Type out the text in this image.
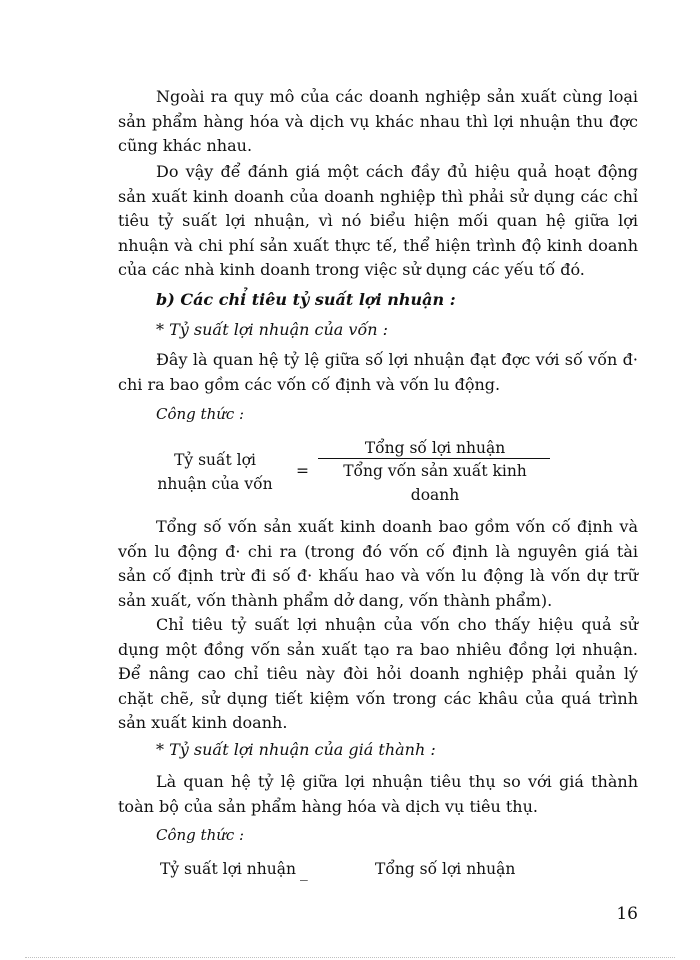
Ngoài ra quy mô của các doanh nghiệp sản xuất cùng loại sản phẩm hàng hóa và dịch vụ khác nhau thì lợi nhuận thu đợc cũng khác nhau.

Do vậy để đánh giá một cách đầy đủ hiệu quả hoạt động sản xuất kinh doanh của doanh nghiệp thì phải sử dụng các chỉ tiêu tỷ suất lợi nhuận, vì nó biểu hiện mối quan hệ giữa lợi nhuận và chi phí sản xuất thực tế, thể hiện trình độ kinh doanh của các nhà kinh doanh trong việc sử dụng các yếu tố đó.

b) Các chỉ tiêu tỷ suất lợi nhuận :

* Tỷ suất lợi nhuận của vốn :

Đây là quan hệ tỷ lệ giữa số lợi nhuận đạt đợc với số vốn đ· chi ra bao gồm các vốn cố định và vốn lu động.

Công thức :

Tỷ suất lợi
nhuận của vốn
=
Tổng số lợi nhuận
Tổng vốn sản xuất kinh
doanh

Tổng số vốn sản xuất kinh doanh bao gồm vốn cố định và vốn lu động đ· chi ra (trong đó vốn cố định là nguyên giá tài sản cố định trừ đi số đ· khấu hao và vốn lu động là vốn dự trữ sản xuất, vốn thành phẩm dở dang, vốn thành phẩm).

Chỉ tiêu tỷ suất lợi nhuận của vốn cho thấy hiệu quả sử dụng một đồng vốn sản xuất tạo ra bao nhiêu đồng lợi nhuận. Để nâng cao chỉ tiêu này đòi hỏi doanh nghiệp phải quản lý chặt chẽ, sử dụng tiết kiệm vốn trong các khâu của quá trình sản xuất kinh doanh.

* Tỷ suất lợi nhuận của giá thành :

Là quan hệ tỷ lệ giữa lợi nhuận tiêu thụ so với giá thành toàn bộ của sản phẩm hàng hóa và dịch vụ tiêu thụ.

Công thức :

Tỷ suất lợi nhuận _	Tổng số lợi nhuận
16
